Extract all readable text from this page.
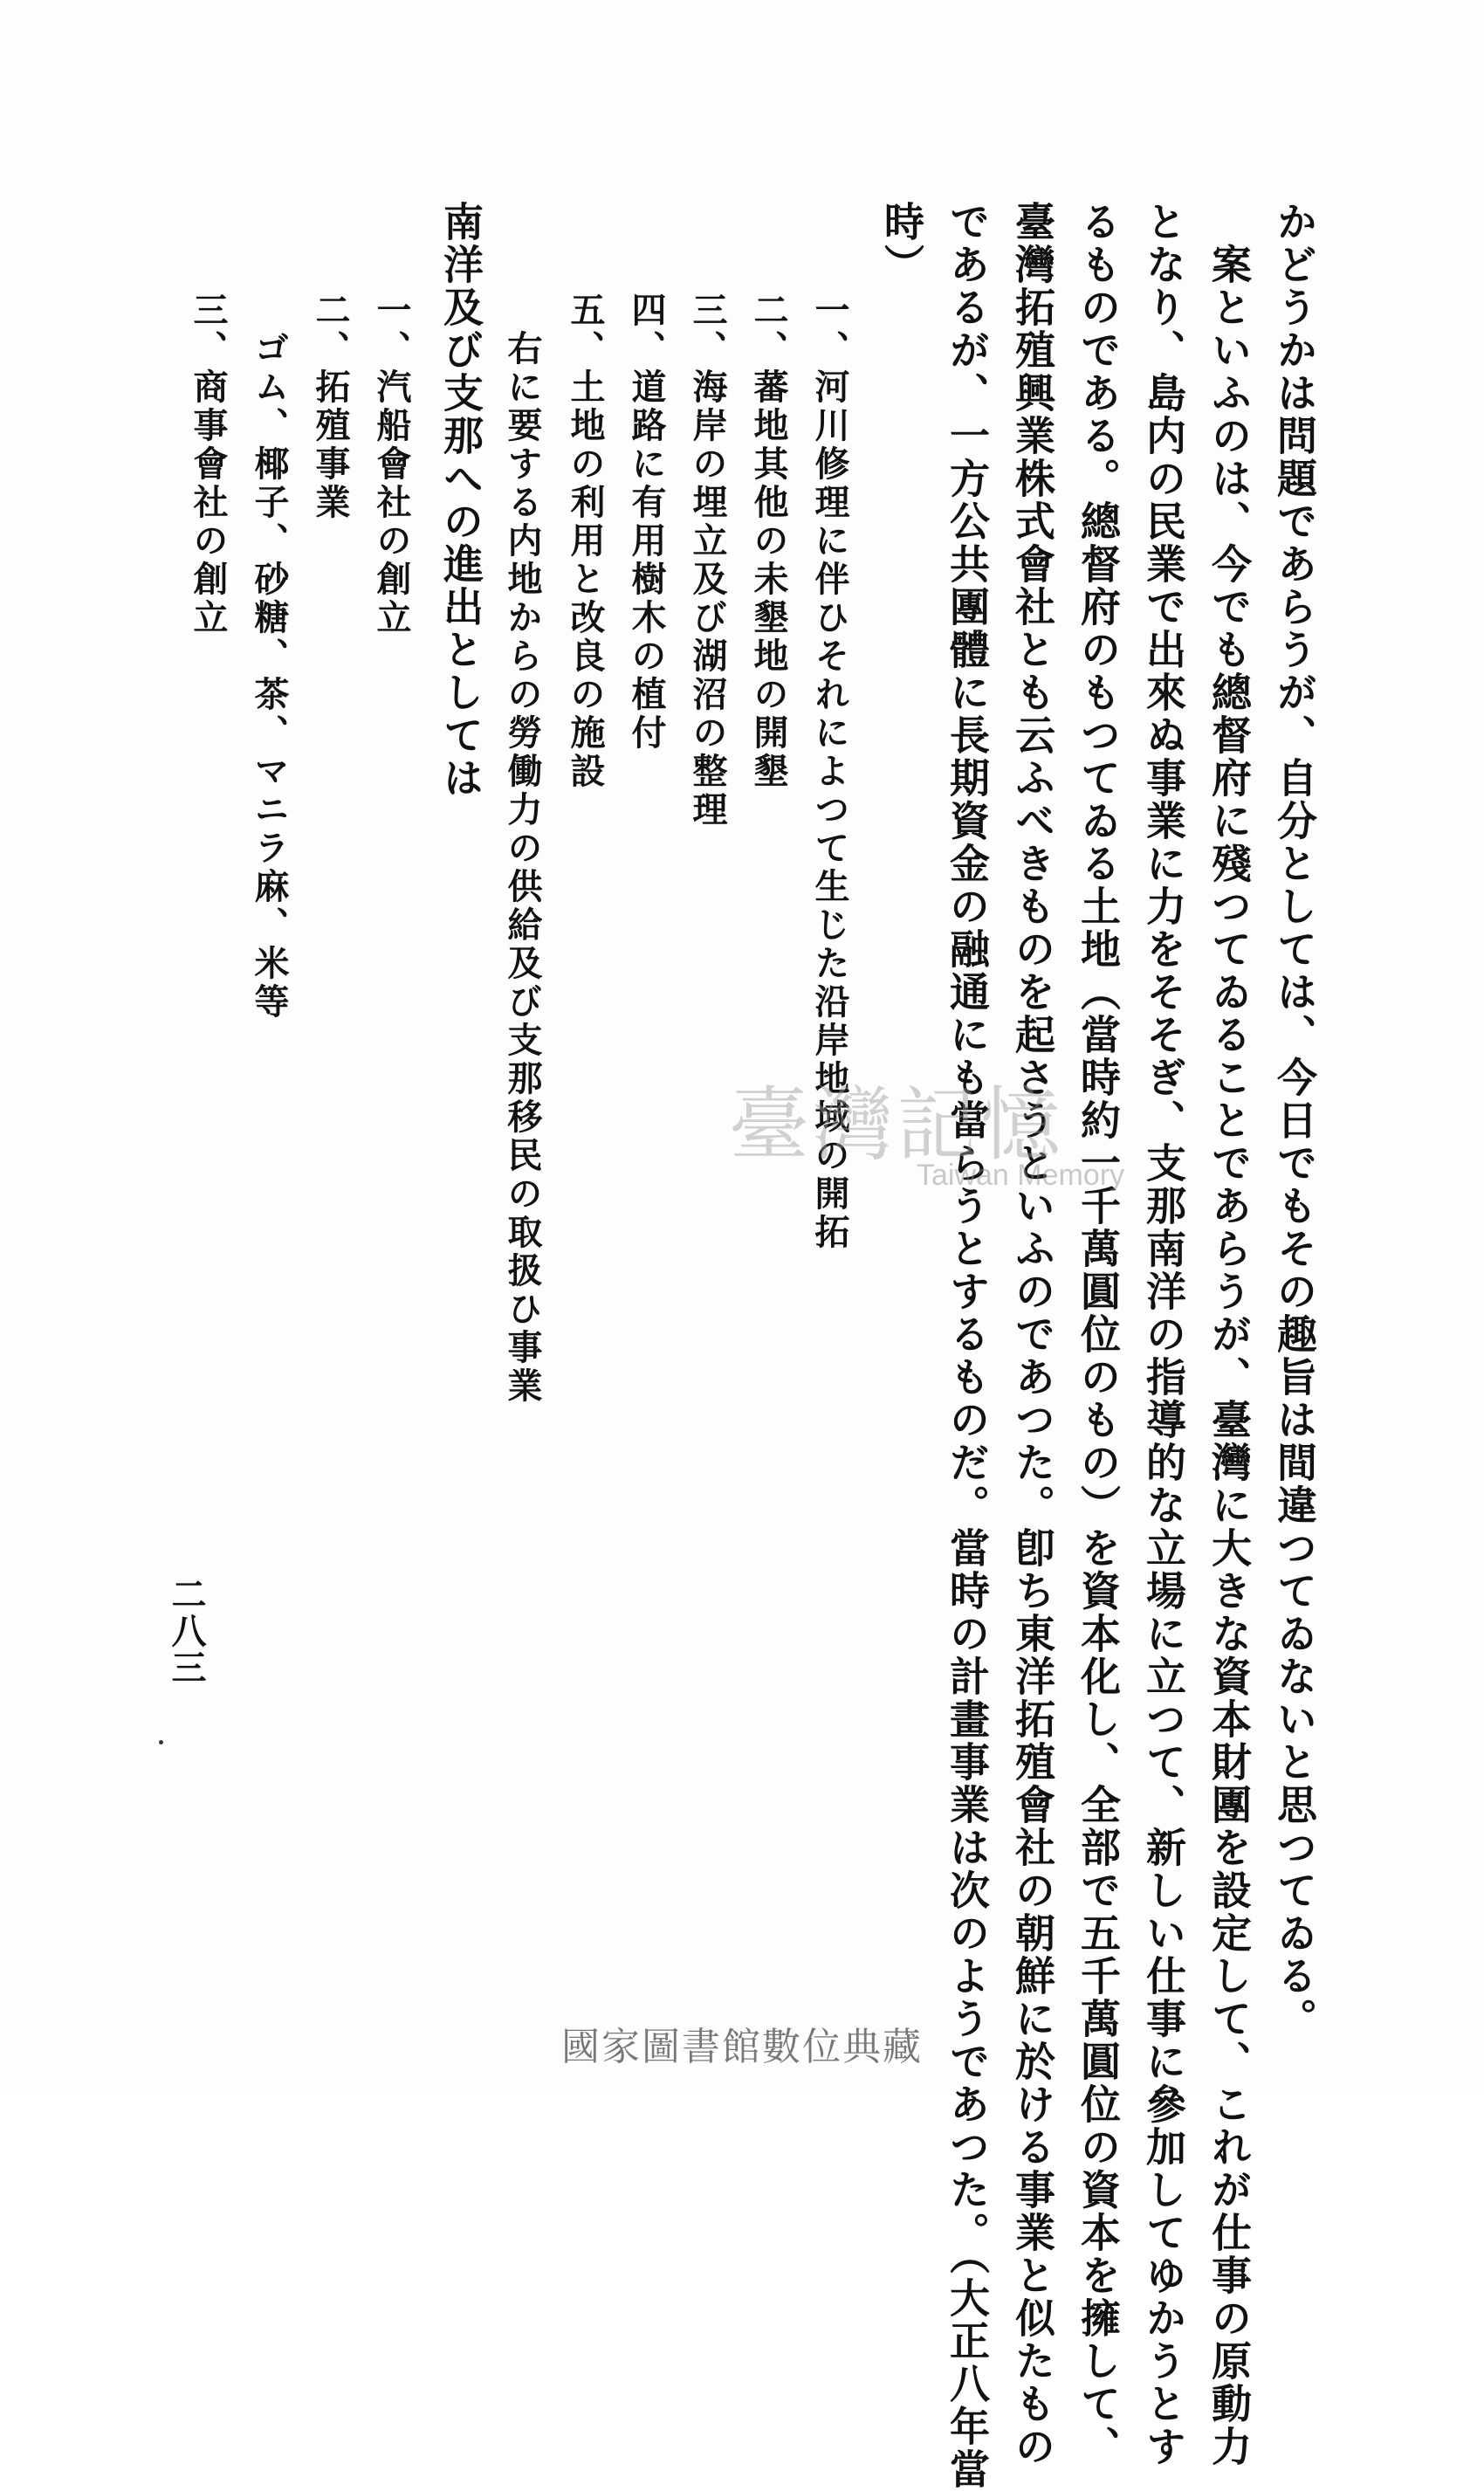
かどうかは問題であらうが、自分としては、今日でもその趣旨は間違つてゐないと思つてゐる。
　案といふのは、今でも總督府に殘つてゐることであらうが、臺灣に大きな資本財團を設定して、これが仕事の原動力
となり、島内の民業で出來ぬ事業に力をそそぎ、支那南洋の指導的な立場に立つて、新しい仕事に參加してゆかうとす
るものである。總督府のもつてゐる土地（當時約一千萬圓位のもの）を資本化し、全部で五千萬圓位の資本を擁して、
臺灣拓殖興業株式會社とも云ふべきものを起さうといふのであつた。卽ち東洋拓殖會社の朝鮮に於ける事業と似たもの
であるが、一方公共團體に長期資金の融通にも當らうとするものだ。當時の計畫事業は次のようであつた。（大正八年當
時）
　一、河川修理に伴ひそれによつて生じた沿岸地域の開拓
　二、蕃地其他の未墾地の開墾
　三、海岸の埋立及び湖沼の整理
　四、道路に有用樹木の植付
　五、土地の利用と改良の施設
　　右に要する内地からの勞働力の供給及び支那移民の取扱ひ事業
南洋及び支那への進出としては
　一、汽船會社の創立
　二、拓殖事業
　　ゴム、椰子、砂糖、茶、マニラ麻、米等
　三、商事會社の創立
二八三
臺灣記憶
Taiwan Memory
國家圖書館數位典藏
